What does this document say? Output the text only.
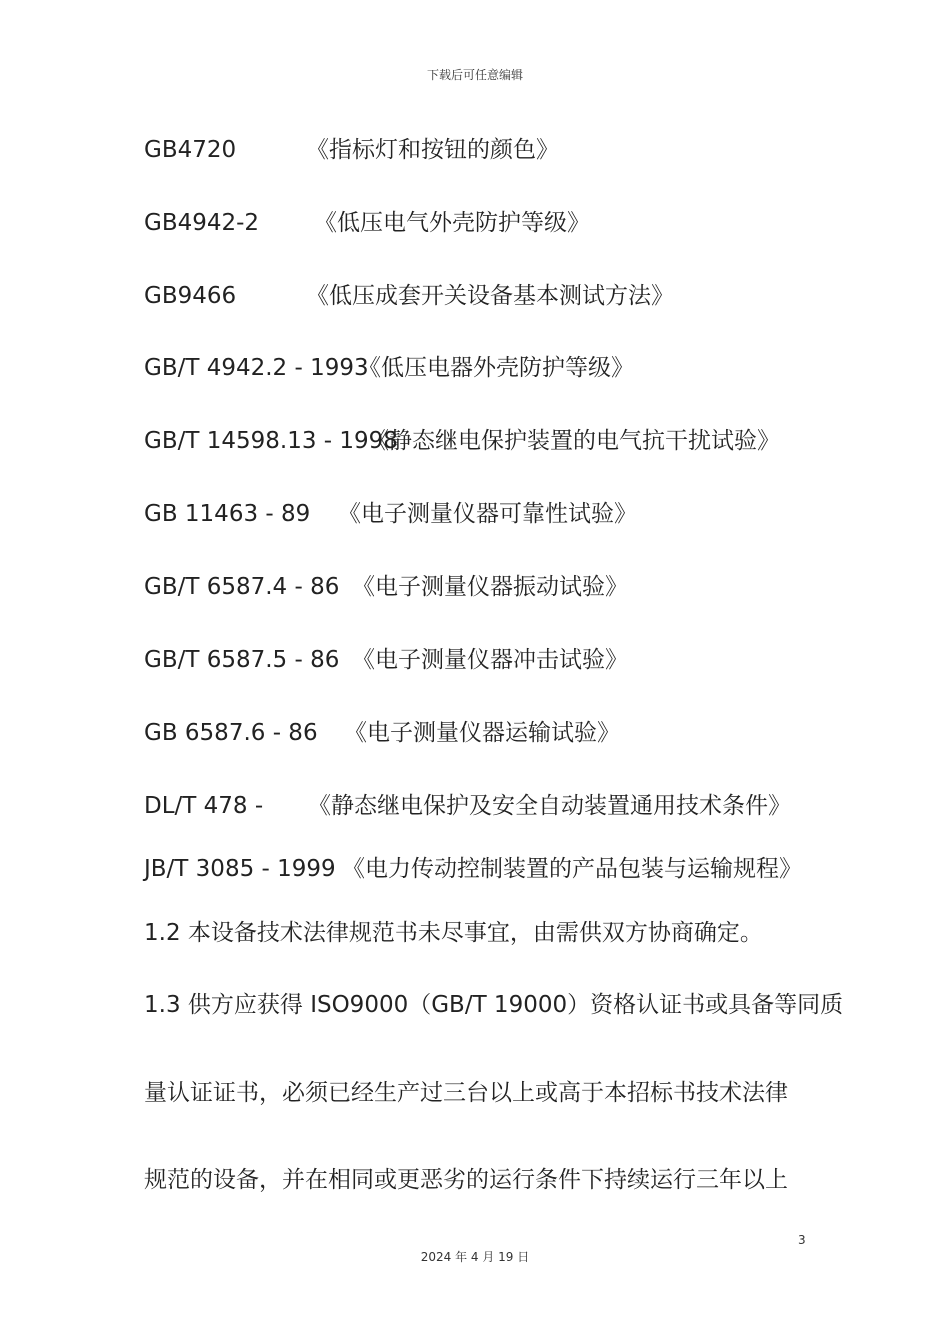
下载后可任意编辑
GB4720	《指标灯和按钮的颜色》
GB4942-2 《低压电气外壳防护等级》
GB9466	《低压成套开关设备基本测试方法》
GB/T 4942.2 - 1993《低压电器外壳防护等级》
GB/T 14598.13 - 1998《静态继电保护装置的电气抗干扰试验》
GB 11463 - 89 《电子测量仪器可靠性试验》
GB/T 6587.4 - 86 《电子测量仪器振动试验》
GB/T 6587.5 - 86 《电子测量仪器冲击试验》
GB 6587.6 - 86 《电子测量仪器运输试验》
DL/T 478 - 《静态继电保护及安全自动装置通用技术条件》
JB/T 3085 - 1999 《电力传动控制装置的产品包装与运输规程》
1.2 本设备技术法律规范书未尽事宜，由需供双方协商确定。
1.3 供方应获得 ISO9000（GB/T 19000）资格认证书或具备等同质
量认证证书，必须已经生产过三台以上或高于本招标书技术法律
规范的设备，并在相同或更恶劣的运行条件下持续运行三年以上
3
2024 年 4 月 19 日
